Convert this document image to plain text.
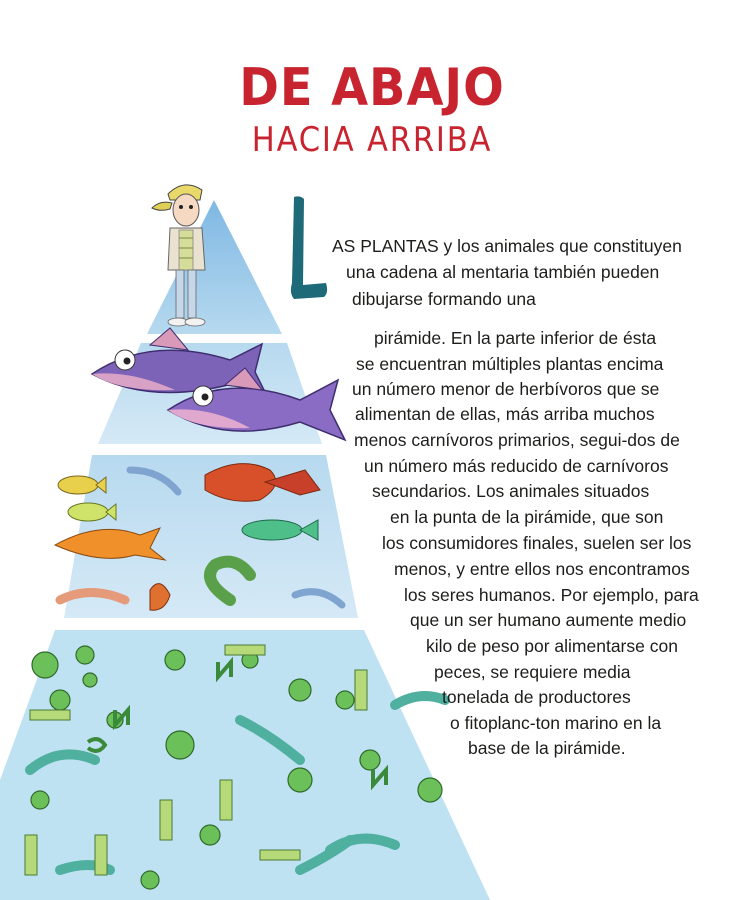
DE ABAJO
HACIA ARRIBA
L
AS PLANTAS y los animales que constituyen
una cadena al mentaria también pueden
dibujarse formando una
pirámide. En la parte inferior de ésta
se encuentran múltiples plantas encima
un número menor de herbívoros que se
alimentan de ellas, más arriba muchos
menos carnívoros primarios, segui-dos de
un número más reducido de carnívoros
secundarios. Los animales situados
en la punta de la pirámide, que son
los consumidores finales, suelen ser los
menos, y entre ellos nos encontramos
los seres humanos. Por ejemplo, para
que un ser humano aumente medio
kilo de peso por alimentarse con
peces, se requiere media
tonelada de productores
o fitoplanc-ton marino en la
base de la pirámide.
